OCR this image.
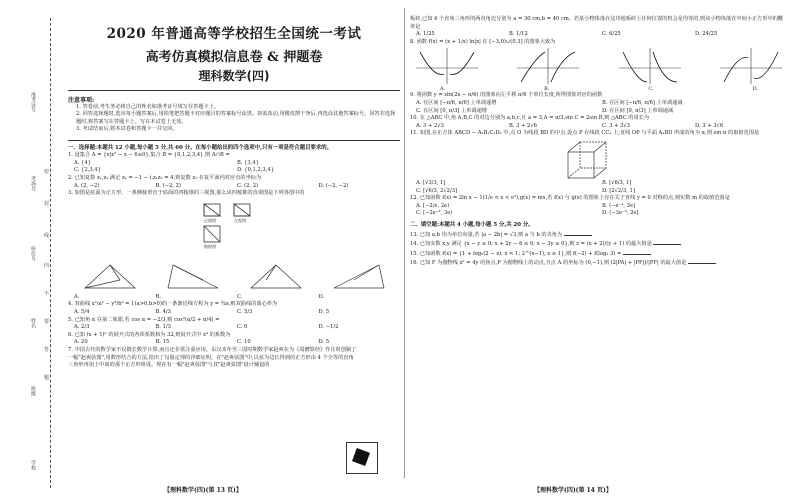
准考证号
考场号
座位号
姓名
班级
学校
密
封
线
内
不
要
答
题
2020 年普通高等学校招生全国统一考试
高考仿真模拟信息卷 & 押题卷
理科数学(四)
注意事项:
1. 答卷前,考生务必将自己的姓名和准考证号填写在答题卡上。
2. 回答选择题时,选出每小题答案后,用铅笔把答题卡对应题目的答案标号涂黑。如需改动,用橡皮擦干净后,再选涂其他答案标号。回答非选择题时,将答案写在答题卡上。写在本试卷上无效。
3. 考试结束后,将本试卷和答题卡一并交回。
一、选择题:本题共 12 小题,每小题 5 分,共 60 分。在每小题给出的四个选项中,只有一项是符合题目要求的。
1. 设集合 A = {x|x² − x − 6≥0},集合 B = {0,1,2,3,4},则 A∩B =
A. {4}	B. {3,4}
C. {2,3,4}	D. {0,1,2,3,4}
2. 已知复数 z₁,z₂ 满足 z₁ = −1 − i,z₁z₂ = 4,则复数 z₂ 在复平面内对应点的坐标为
A. (2, −2)	B. (−2, 2)	C. (2, 2)	D. (−2, −2)
3. 如图是底面为正方形、一条侧棱垂直于底面的四棱锥的三视图,那么该四棱锥的直观图是下列各图中的
正视图	左视图
俯视图
A.	B.	C.	D.
4. 双曲线 x²/a² − y²/b² = 1(a>0,b>0)的一条渐近线方程为 y = ¾x,则双曲线的离心率为
A. 5/4	B. 4/3	C. 5/3	D. 5
5. 已知角 α 在第二象限,若 cos α = −2/3,则 cos²(α/2 + π/4) =
A. 2/3	B. 1/3	C. 0	D. −1/2
6. 已知 (x + 1)ⁿ 的展开式的各项系数和为 32,则展开式中 x⁴ 的系数为
A. 20	B. 15	C. 10	D. 5
7. 中国古代的数学家不仅擅长数学计算,而且还非常注重应用。东汉末年至三国时期数学家赵爽在为《周髀算经》作注时创制了一幅"赵爽弦图",用数形结合的方法,给出了勾股定理的详细证明。在"赵爽弦图"中,以弦为边长得到的正方形由 4 个全等的直角三角形再加上中间的那个正方形组成。现在有一幅"赵爽弦图"与其"赵爽弦图"设计辅设的
【理科数学(四)(第 13 页)】
板砖,已知 4 个直角三角形的两直角边分别为 a = 30 cm,b = 40 cm。若某小物体落在这块地板砖上任何位置的机会是均等的,则该小物体落在中间小正方形中的概率是
A. 1/25	B. 1/12	C. 6/25	D. 24/25
8. 函数 f(x) = (x + 1/x) ln|x| 在 [−3,0)∪(0,3] 的图象大致为
A.	B.	C.	D.
9. 将函数 y = sin(2x − π/6) 的图象向左平移 π/6 个单位长度,所得图象对应的函数
A. 在区间 [−π/6, π/6] 上单调递增	B. 在区间 [−π/6, π/6] 上单调递减
C. 在区间 [0, π/3] 上单调递增	D. 在区间 [0, π/3] 上单调递减
10. 在 △ABC 中,角 A,B,C 的对边分别为 a,b,c,且 a = 3,A = π/3,sin C = 2sin B,则 △ABC 的周长为
A. 3 + 2√3	B. 3 + 2√6	C. 3 + 3√3	D. 3 + 3√6
11. 如图,在正方体 ABCD − A₁B₁C₁D₁ 中,点 O 为线段 BD 的中点,设点 P 在线段 CC₁ 上,直线 OP 与平面 A₁BD 所成的角为 α,则 sin α 的取值范围是
A. [√3/3, 1]	B. [√6/3, 1]
C. [√6/3, 2√2/3]	D. [2√2/3, 1]
12. 已知函数 f(x) = 2ln x − 1(1/e < x < e²),g(x) = mx,若 f(x) 与 g(x) 的图象上存在关于直线 y = 0 对称的点,则实数 m 的取值范围是
A. [−2/e, 2e)	B. (−e⁻³, 3e]
C. [−2e⁻³, 3e)	D. (−3e⁻³, 2e]
二、填空题:本题共 4 小题,每小题 5 分,共 20 分。
13. 已知 a,b 均为单位向量,若 |a − 2b| = √3,则 a 与 b 的夹角为
14. 已知实数 x,y 满足 {x − y ≥ 0; x + 2y − 6 ≤ 0; x − 3y ≤ 0},则 z = (x + 2)/(y + 1) 的最大值是
15. 已知函数 f(x) = {1 + log₂(2 − x), x < 1; 2^(x−1), x ≥ 1},则 f(−2) + f(log₂ 3) =
16. 已知 F 为抛物线 x² = 4y 的焦点,P 为抛物线上的动点,且点 A 的坐标为 (0,−1),则 (2|PA| + |PF|)/|PF| 的最大值是
【理科数学(四)(第 14 页)】
